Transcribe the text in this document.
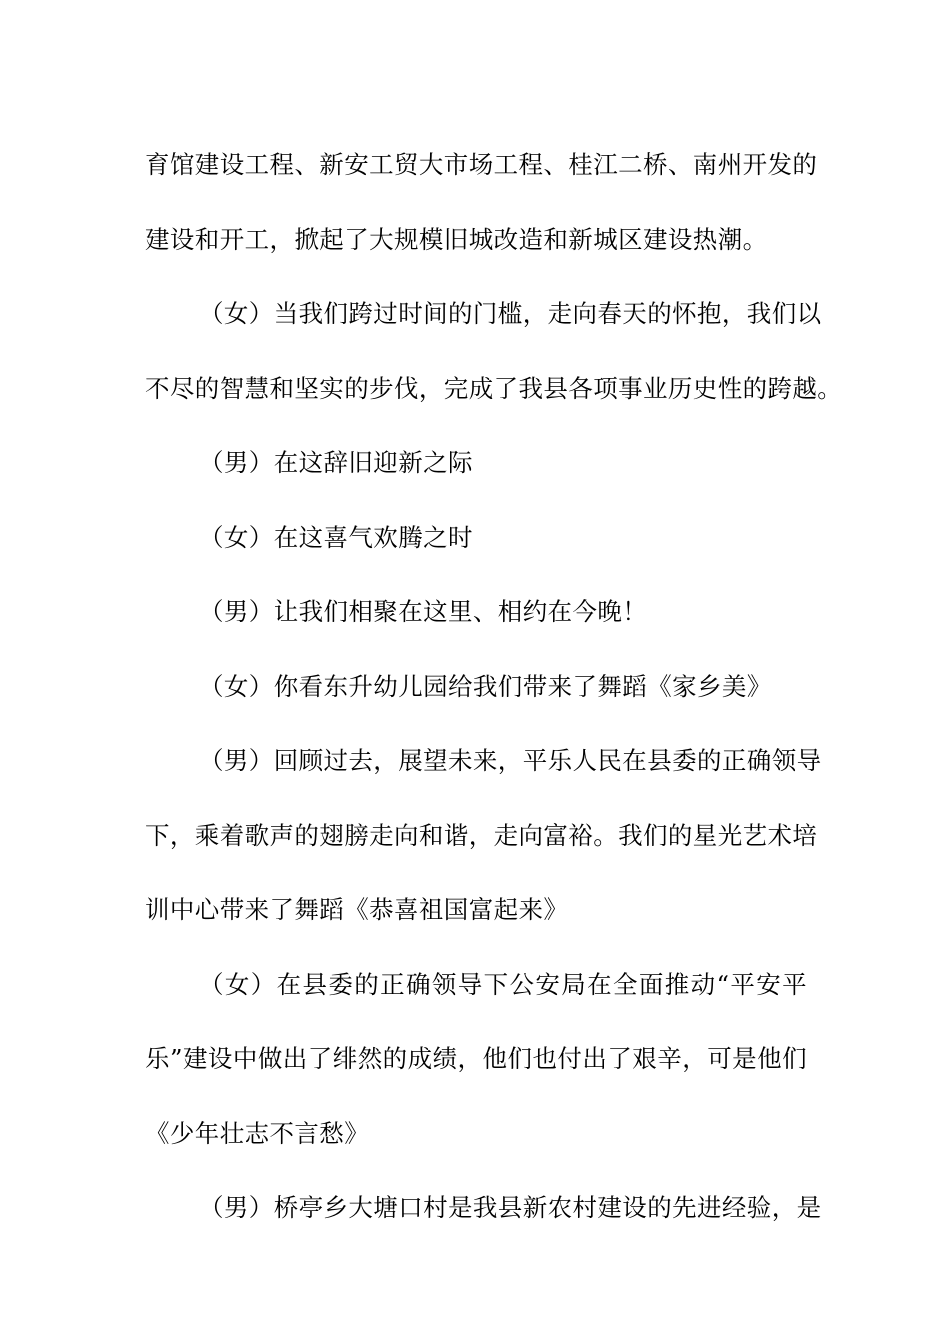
育馆建设工程、新安工贸大市场工程、桂江二桥、南州开发的
建设和开工，掀起了大规模旧城改造和新城区建设热潮。
（女）当我们跨过时间的门槛，走向春天的怀抱，我们以
不尽的智慧和坚实的步伐，完成了我县各项事业历史性的跨越。
（男）在这辞旧迎新之际
（女）在这喜气欢腾之时
（男）让我们相聚在这里、相约在今晚！
（女）你看东升幼儿园给我们带来了舞蹈《家乡美》
（男）回顾过去，展望未来，平乐人民在县委的正确领导
下，乘着歌声的翅膀走向和谐，走向富裕。我们的星光艺术培
训中心带来了舞蹈《恭喜祖国富起来》
（女）在县委的正确领导下公安局在全面推动“平安平
乐”建设中做出了绯然的成绩，他们也付出了艰辛，可是他们
《少年壮志不言愁》
（男）桥亭乡大塘口村是我县新农村建设的先进经验，是
